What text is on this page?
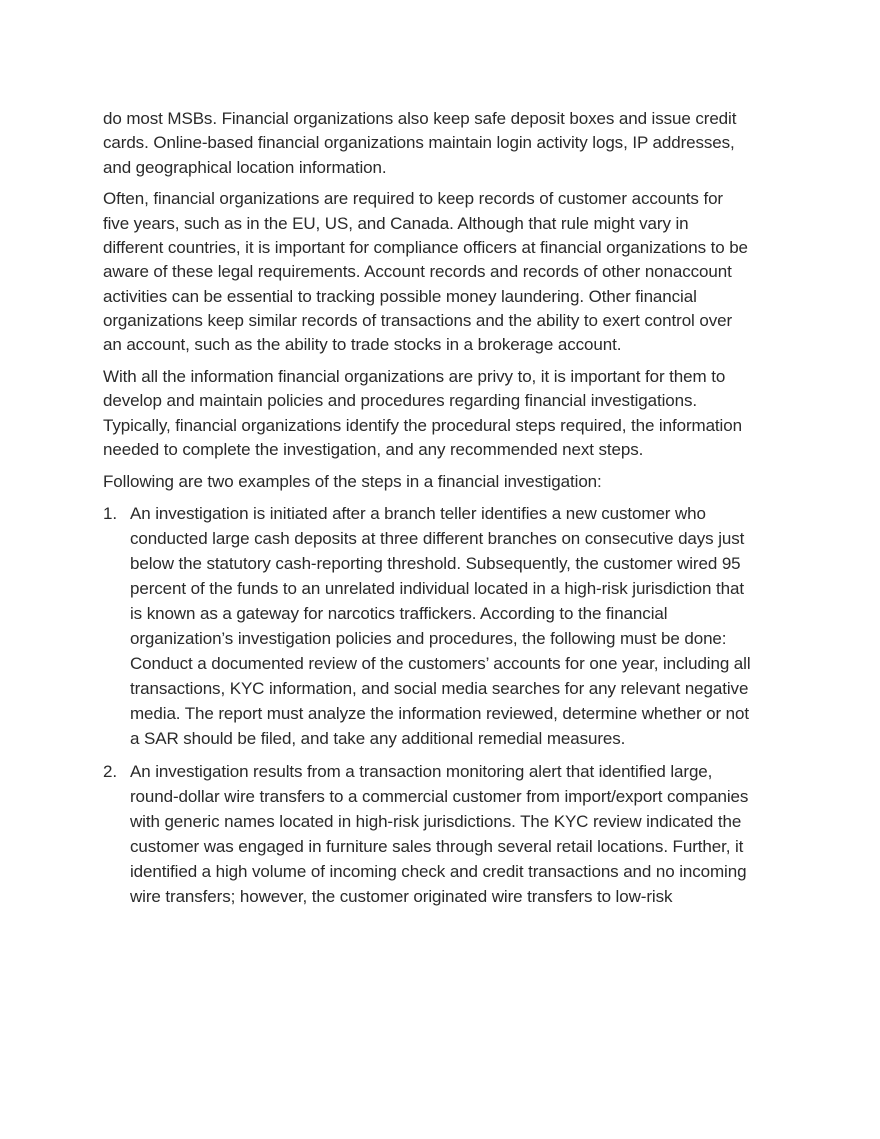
do most MSBs. Financial organizations also keep safe deposit boxes and issue credit cards. Online-based financial organizations maintain login activity logs, IP addresses, and geographical location information.

Often, financial organizations are required to keep records of customer accounts for five years, such as in the EU, US, and Canada. Although that rule might vary in different countries, it is important for compliance officers at financial organizations to be aware of these legal requirements. Account records and records of other nonaccount activities can be essential to tracking possible money laundering. Other financial organizations keep similar records of transactions and the ability to exert control over an account, such as the ability to trade stocks in a brokerage account.

With all the information financial organizations are privy to, it is important for them to develop and maintain policies and procedures regarding financial investigations. Typically, financial organizations identify the procedural steps required, the information needed to complete the investigation, and any recommended next steps.

Following are two examples of the steps in a financial investigation:

1. An investigation is initiated after a branch teller identifies a new customer who conducted large cash deposits at three different branches on consecutive days just below the statutory cash-reporting threshold. Subsequently, the customer wired 95 percent of the funds to an unrelated individual located in a high-risk jurisdiction that is known as a gateway for narcotics traffickers. According to the financial organization’s investigation policies and procedures, the following must be done: Conduct a documented review of the customers’ accounts for one year, including all transactions, KYC information, and social media searches for any relevant negative media. The report must analyze the information reviewed, determine whether or not a SAR should be filed, and take any additional remedial measures.
2. An investigation results from a transaction monitoring alert that identified large, round-dollar wire transfers to a commercial customer from import/export companies with generic names located in high-risk jurisdictions. The KYC review indicated the customer was engaged in furniture sales through several retail locations. Further, it identified a high volume of incoming check and credit transactions and no incoming wire transfers; however, the customer originated wire transfers to low-risk
